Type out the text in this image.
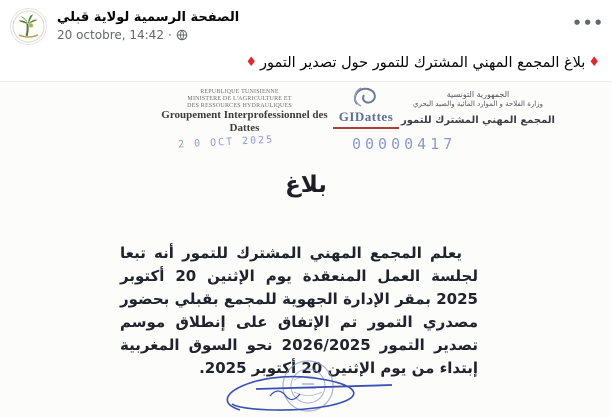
الصفحة الرسمية لولاية قبلي
20 octobre, 14:42 ·
•••
♦بلاغ المجمع المهني المشترك للتمور حول تصدير التمور♦
REPUBLIQUE TUNISIENNE
MINISTERE DE L'AGRICULTURE ET
DES RESSOURCES HYDRAULIQUES
Groupement Interprofessionnel des Dattes
GIDattes
الجمهورية التونسية
وزارة الفلاحة و الموارد المائية والصيد البحري
المجمع المهني المشترك للتمور
2 0 OCT 2025	00000417
بلاغ
يعلم المجمع المهني المشترك للتمور أنه تبعا لجلسة العمل المنعقدة يوم الإثنين 20 أكتوبر 2025 بمقر الإدارة الجهوية للمجمع بقبلي بحضور مصدري التمور تم الإتفاق على إنطلاق موسم تصدير التمور 2026/2025 نحو السوق المغربية إبتداء من يوم الإثنين 20 أكتوبر 2025.
